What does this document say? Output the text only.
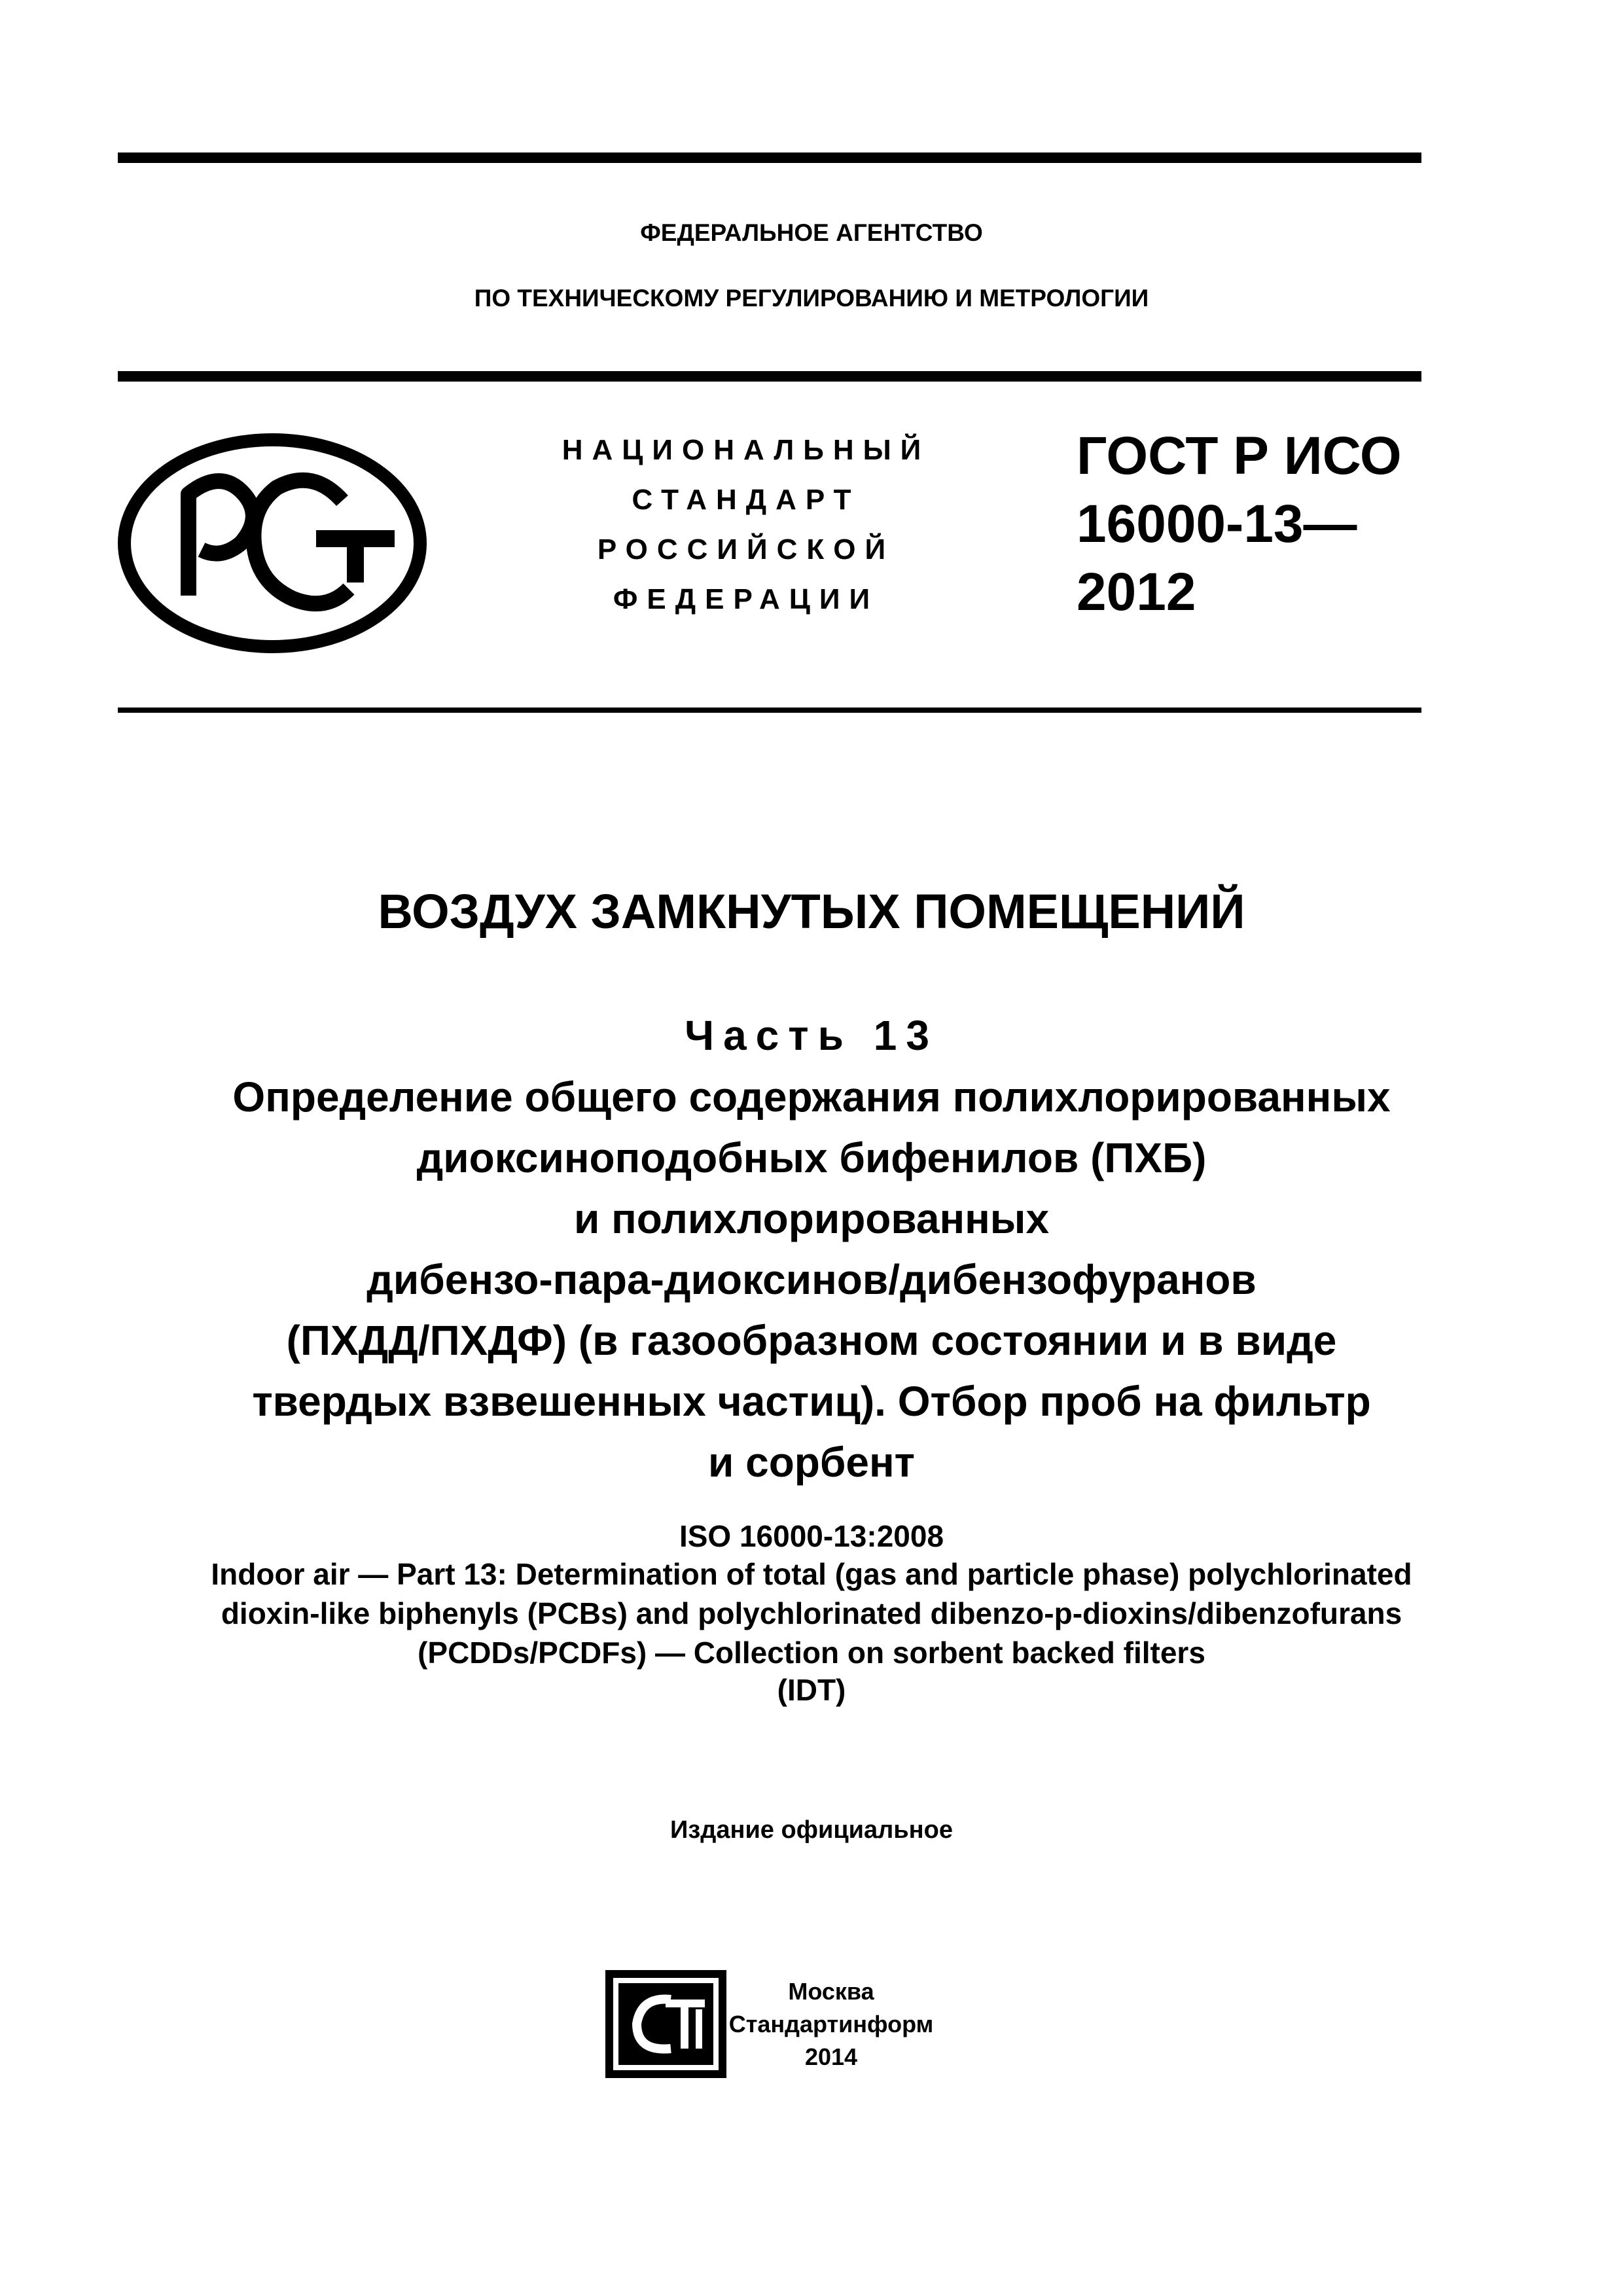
ФЕДЕРАЛЬНОЕ АГЕНТСТВО
ПО ТЕХНИЧЕСКОМУ РЕГУЛИРОВАНИЮ И МЕТРОЛОГИИ
НАЦИОНАЛЬНЫЙ
СТАНДАРТ
РОССИЙСКОЙ
ФЕДЕРАЦИИ
ГОСТ Р ИСО
16000-13—
2012
ВОЗДУХ ЗАМКНУТЫХ ПОМЕЩЕНИЙ
Часть 13
Определение общего содержания полихлорированных
диоксиноподобных бифенилов (ПХБ)
и полихлорированных
дибензо-пара-диоксинов/дибензофуранов
(ПХДД/ПХДФ) (в газообразном состоянии и в виде
твердых взвешенных частиц). Отбор проб на фильтр
и сорбент
ISO 16000-13:2008
Indoor air — Part 13: Determination of total (gas and particle phase) polychlorinated
dioxin-like biphenyls (PCBs) and polychlorinated dibenzo-p-dioxins/dibenzofurans
(PCDDs/PCDFs) — Collection on sorbent backed filters
(IDT)
Издание официальное
Москва
Стандартинформ
2014
